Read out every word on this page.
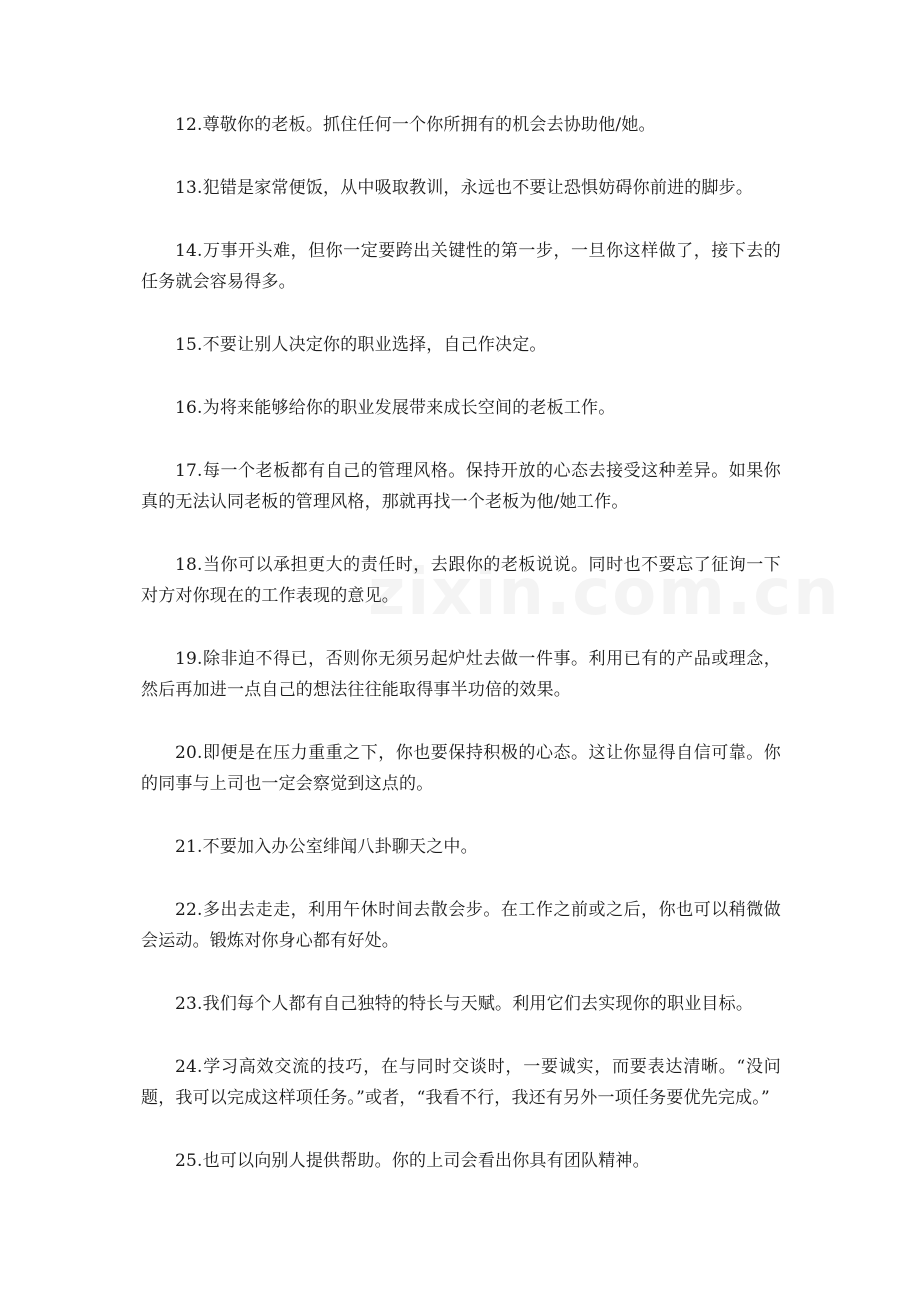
12.尊敬你的老板。抓住任何一个你所拥有的机会去协助他/她。

13.犯错是家常便饭，从中吸取教训，永远也不要让恐惧妨碍你前进的脚步。

14.万事开头难，但你一定要跨出关键性的第一步，一旦你这样做了，接下去的任务就会容易得多。

15.不要让别人决定你的职业选择，自己作决定。

16.为将来能够给你的职业发展带来成长空间的老板工作。

17.每一个老板都有自己的管理风格。保持开放的心态去接受这种差异。如果你真的无法认同老板的管理风格，那就再找一个老板为他/她工作。

18.当你可以承担更大的责任时，去跟你的老板说说。同时也不要忘了征询一下对方对你现在的工作表现的意见。

19.除非迫不得已，否则你无须另起炉灶去做一件事。利用已有的产品或理念，然后再加进一点自己的想法往往能取得事半功倍的效果。

20.即便是在压力重重之下，你也要保持积极的心态。这让你显得自信可靠。你的同事与上司也一定会察觉到这点的。

21.不要加入办公室绯闻八卦聊天之中。

22.多出去走走，利用午休时间去散会步。在工作之前或之后，你也可以稍微做会运动。锻炼对你身心都有好处。

23.我们每个人都有自己独特的特长与天赋。利用它们去实现你的职业目标。

24.学习高效交流的技巧，在与同时交谈时，一要诚实，而要表达清晰。“没问题，我可以完成这样项任务。”或者，“我看不行，我还有另外一项任务要优先完成。”

25.也可以向别人提供帮助。你的上司会看出你具有团队精神。
